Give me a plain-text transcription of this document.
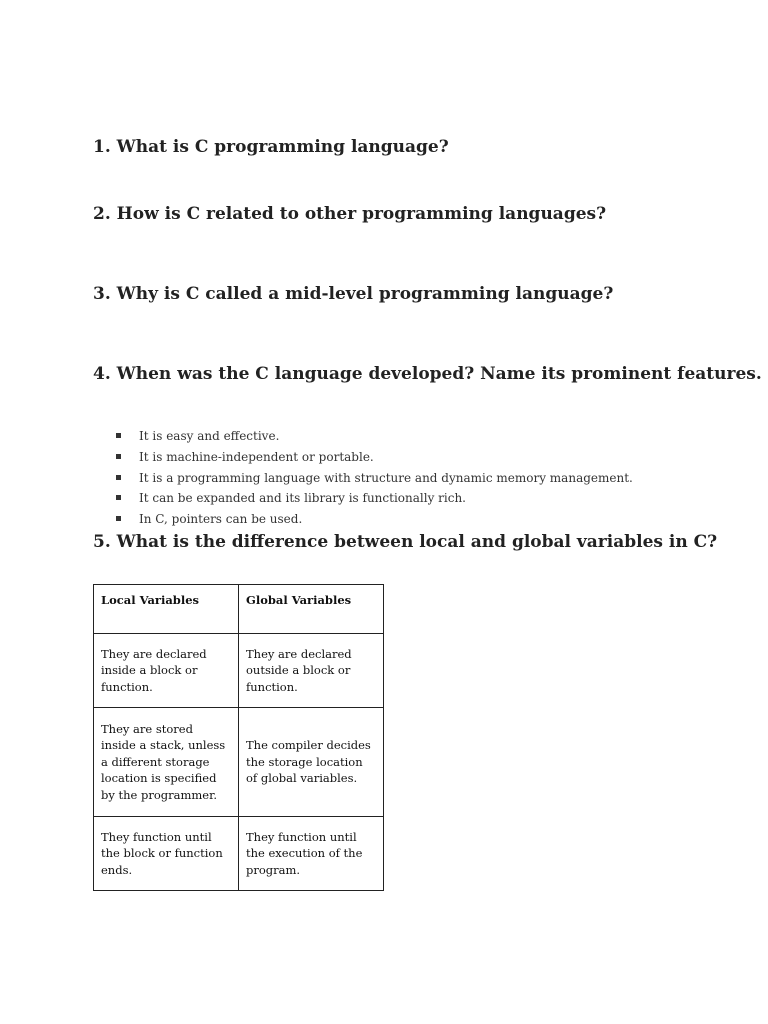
1. What is C programming language?
2. How is C related to other programming languages?
3. Why is C called a mid-level programming language?
4. When was the C language developed? Name its prominent features.
It is easy and effective.
It is machine-independent or portable.
It is a programming language with structure and dynamic memory management.
It can be expanded and its library is functionally rich.
In C, pointers can be used.
5. What is the difference between local and global variables in C?
Local Variables	Global Variables
They are declared inside a block or function.	They are declared outside a block or function.
They are stored inside a stack, unless a different storage location is specified by the programmer.	The compiler decides the storage location of global variables.
They function until the block or function ends.	They function until the execution of the program.
